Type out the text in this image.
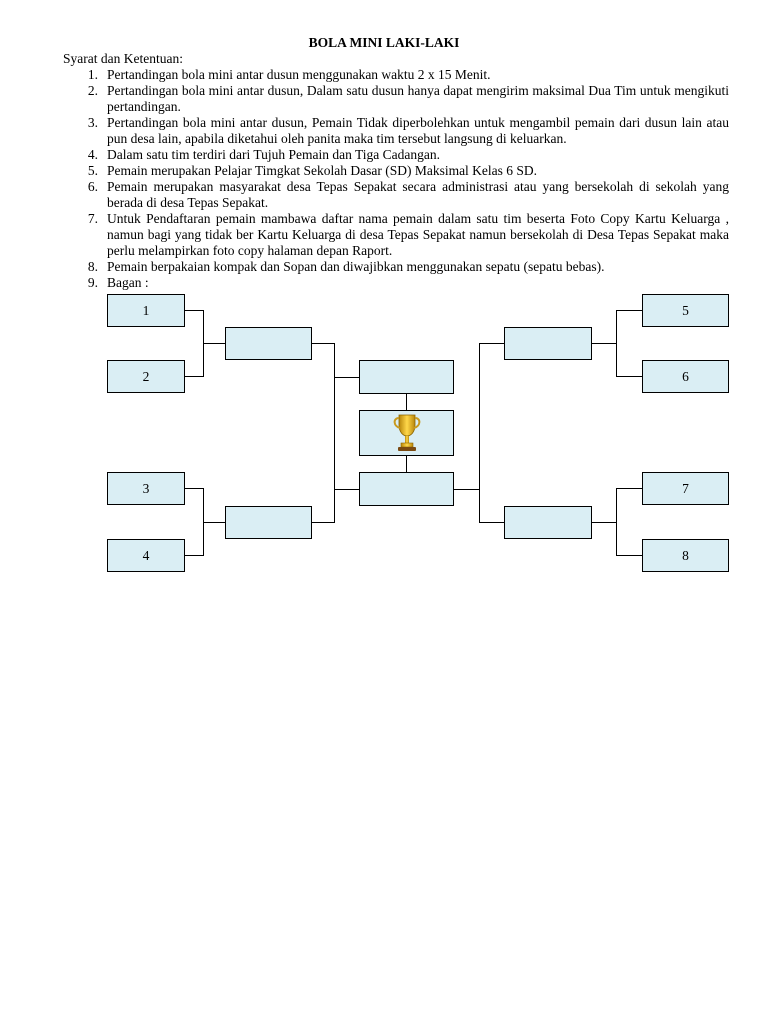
BOLA MINI LAKI-LAKI
Syarat dan Ketentuan:
1. Pertandingan bola mini antar dusun menggunakan waktu 2 x 15 Menit.
2. Pertandingan bola mini antar dusun, Dalam satu dusun hanya dapat mengirim maksimal Dua Tim untuk mengikuti pertandingan.
3. Pertandingan bola mini antar dusun, Pemain Tidak diperbolehkan untuk mengambil pemain dari dusun lain atau pun desa lain, apabila diketahui oleh panita maka tim tersebut langsung di keluarkan.
4. Dalam satu tim terdiri dari Tujuh Pemain dan Tiga Cadangan.
5. Pemain merupakan Pelajar Timgkat Sekolah Dasar (SD) Maksimal Kelas 6 SD.
6. Pemain merupakan masyarakat desa Tepas Sepakat secara administrasi atau yang bersekolah di sekolah yang berada di desa Tepas Sepakat.
7. Untuk Pendaftaran pemain mambawa daftar nama pemain dalam satu tim beserta Foto Copy Kartu Keluarga , namun bagi yang tidak ber Kartu Keluarga di desa Tepas Sepakat namun bersekolah di Desa Tepas Sepakat maka perlu melampirkan foto copy halaman depan Raport.
8. Pemain berpakaian kompak dan Sopan dan diwajibkan menggunakan sepatu (sepatu bebas).
9. Bagan :
1
2
3
4
5
6
7
8
